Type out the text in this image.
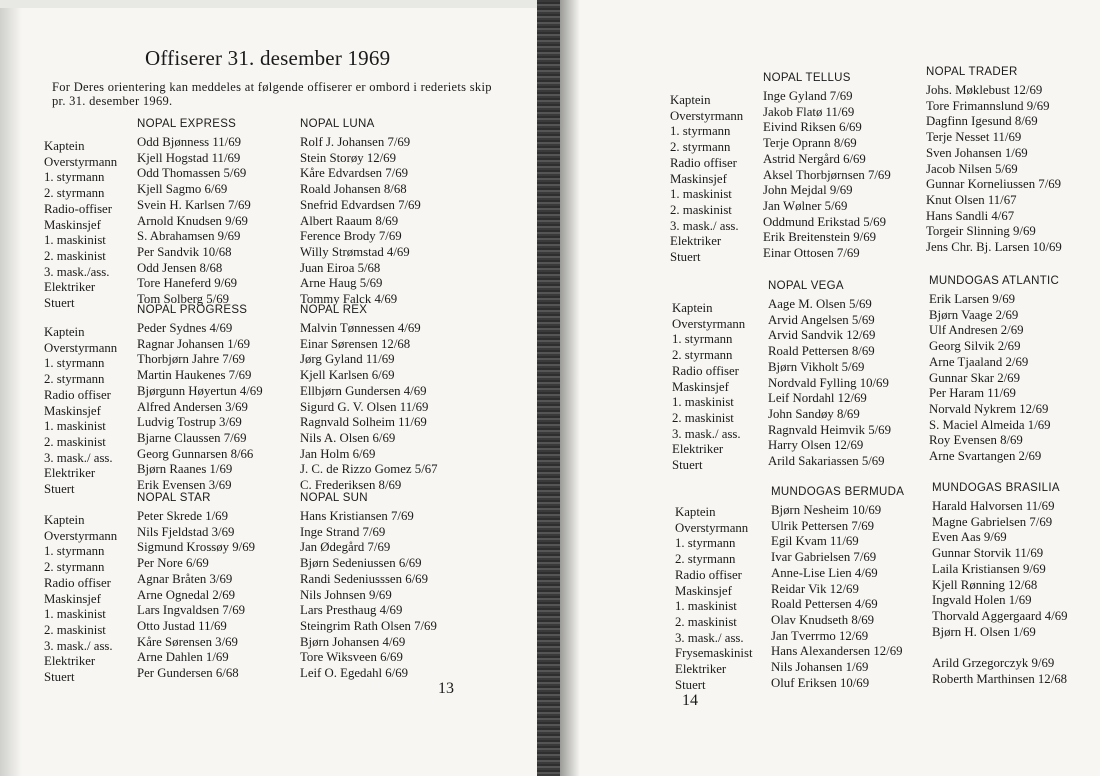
Offiserer 31. desember 1969
For Deres orientering kan meddeles at følgende offiserer er ombord i rederiets skip pr. 31. desember 1969.
Kaptein
Overstyrmann
1. styrmann
2. styrmann
Radio-offiser
Maskinsjef
1. maskinist
2. maskinist
3. mask./ass.
Elektriker
Stuert
NOPAL EXPRESS
Odd Bjønness 11/69
Kjell Hogstad 11/69
Odd Thomassen 5/69
Kjell Sagmo 6/69
Svein H. Karlsen 7/69
Arnold Knudsen 9/69
S. Abrahamsen 9/69
Per Sandvik 10/68
Odd Jensen 8/68
Tore Haneferd 9/69
Tom Solberg 5/69
NOPAL LUNA
Rolf J. Johansen 7/69
Stein Storøy 12/69
Kåre Edvardsen 7/69
Roald Johansen 8/68
Snefrid Edvardsen 7/69
Albert Raaum 8/69
Ference Brody 7/69
Willy Strømstad 4/69
Juan Eiroa 5/68
Arne Haug 5/69
Tommy Falck 4/69
Kaptein
Overstyrmann
1. styrmann
2. styrmann
Radio offiser
Maskinsjef
1. maskinist
2. maskinist
3. mask./ ass.
Elektriker
Stuert
NOPAL PROGRESS
Peder Sydnes 4/69
Ragnar Johansen 1/69
Thorbjørn Jahre 7/69
Martin Haukenes 7/69
Bjørgunn Høyertun 4/69
Alfred Andersen 3/69
Ludvig Tostrup 3/69
Bjarne Claussen 7/69
Georg Gunnarsen 8/66
Bjørn Raanes 1/69
Erik Evensen 3/69
NOPAL REX
Malvin Tønnessen 4/69
Einar Sørensen 12/68
Jørg Gyland 11/69
Kjell Karlsen 6/69
Ellbjørn Gundersen 4/69
Sigurd G. V. Olsen 11/69
Ragnvald Solheim 11/69
Nils A. Olsen 6/69
Jan Holm 6/69
J. C. de Rizzo Gomez 5/67
C. Frederiksen 8/69
Kaptein
Overstyrmann
1. styrmann
2. styrmann
Radio offiser
Maskinsjef
1. maskinist
2. maskinist
3. mask./ ass.
Elektriker
Stuert
NOPAL STAR
Peter Skrede 1/69
Nils Fjeldstad 3/69
Sigmund Krossøy 9/69
Per Nore 6/69
Agnar Bråten 3/69
Arne Ognedal 2/69
Lars Ingvaldsen 7/69
Otto Justad 11/69
Kåre Sørensen 3/69
Arne Dahlen 1/69
Per Gundersen 6/68
NOPAL SUN
Hans Kristiansen 7/69
Inge Strand 7/69
Jan Ødegård 7/69
Bjørn Sedeniussen 6/69
Randi Sedeniusssen 6/69
Nils Johnsen 9/69
Lars Presthaug 4/69
Steingrim Rath Olsen 7/69
Bjørn Johansen 4/69
Tore Wiksveen 6/69
Leif O. Egedahl 6/69
13
Kaptein
Overstyrmann
1. styrmann
2. styrmann
Radio offiser
Maskinsjef
1. maskinist
2. maskinist
3. mask./ ass.
Elektriker
Stuert
NOPAL TELLUS
Inge Gyland 7/69
Jakob Flatø 11/69
Eivind Riksen 6/69
Terje Oprann 8/69
Astrid Nergård 6/69
Aksel Thorbjørnsen 7/69
John Mejdal 9/69
Jan Wølner 5/69
Oddmund Erikstad 5/69
Erik Breitenstein 9/69
Einar Ottosen 7/69
NOPAL TRADER
Johs. Møklebust 12/69
Tore Frimannslund 9/69
Dagfinn Igesund 8/69
Terje Nesset 11/69
Sven Johansen 1/69
Jacob Nilsen 5/69
Gunnar Korneliussen 7/69
Knut Olsen 11/67
Hans Sandli 4/67
Torgeir Slinning 9/69
Jens Chr. Bj. Larsen 10/69
Kaptein
Overstyrmann
1. styrmann
2. styrmann
Radio offiser
Maskinsjef
1. maskinist
2. maskinist
3. mask./ ass.
Elektriker
Stuert
NOPAL VEGA
Aage M. Olsen 5/69
Arvid Angelsen 5/69
Arvid Sandvik 12/69
Roald Pettersen 8/69
Bjørn Vikholt 5/69
Nordvald Fylling 10/69
Leif Nordahl 12/69
John Sandøy 8/69
Ragnvald Heimvik 5/69
Harry Olsen 12/69
Arild Sakariassen 5/69
MUNDOGAS ATLANTIC
Erik Larsen 9/69
Bjørn Vaage 2/69
Ulf Andresen 2/69
Georg Silvik 2/69
Arne Tjaaland 2/69
Gunnar Skar 2/69
Per Haram 11/69
Norvald Nykrem 12/69
S. Maciel Almeida 1/69
Roy Evensen 8/69
Arne Svartangen 2/69
Kaptein
Overstyrmann
1. styrmann
2. styrmann
Radio offiser
Maskinsjef
1. maskinist
2. maskinist
3. mask./ ass.
Frysemaskinist
Elektriker
Stuert
MUNDOGAS BERMUDA
Bjørn Nesheim 10/69
Ulrik Pettersen 7/69
Egil Kvam 11/69
Ivar Gabrielsen 7/69
Anne-Lise Lien 4/69
Reidar Vik 12/69
Roald Pettersen 4/69
Olav Knudseth 8/69
Jan Tverrmo 12/69
Hans Alexandersen 12/69
Nils Johansen 1/69
Oluf Eriksen 10/69
MUNDOGAS BRASILIA
Harald Halvorsen 11/69
Magne Gabrielsen 7/69
Even Aas 9/69
Gunnar Storvik 11/69
Laila Kristiansen 9/69
Kjell Rønning 12/68
Ingvald Holen 1/69
Thorvald Aggergaard 4/69
Bjørn H. Olsen 1/69

Arild Grzegorczyk 9/69
Roberth Marthinsen 12/68
14
